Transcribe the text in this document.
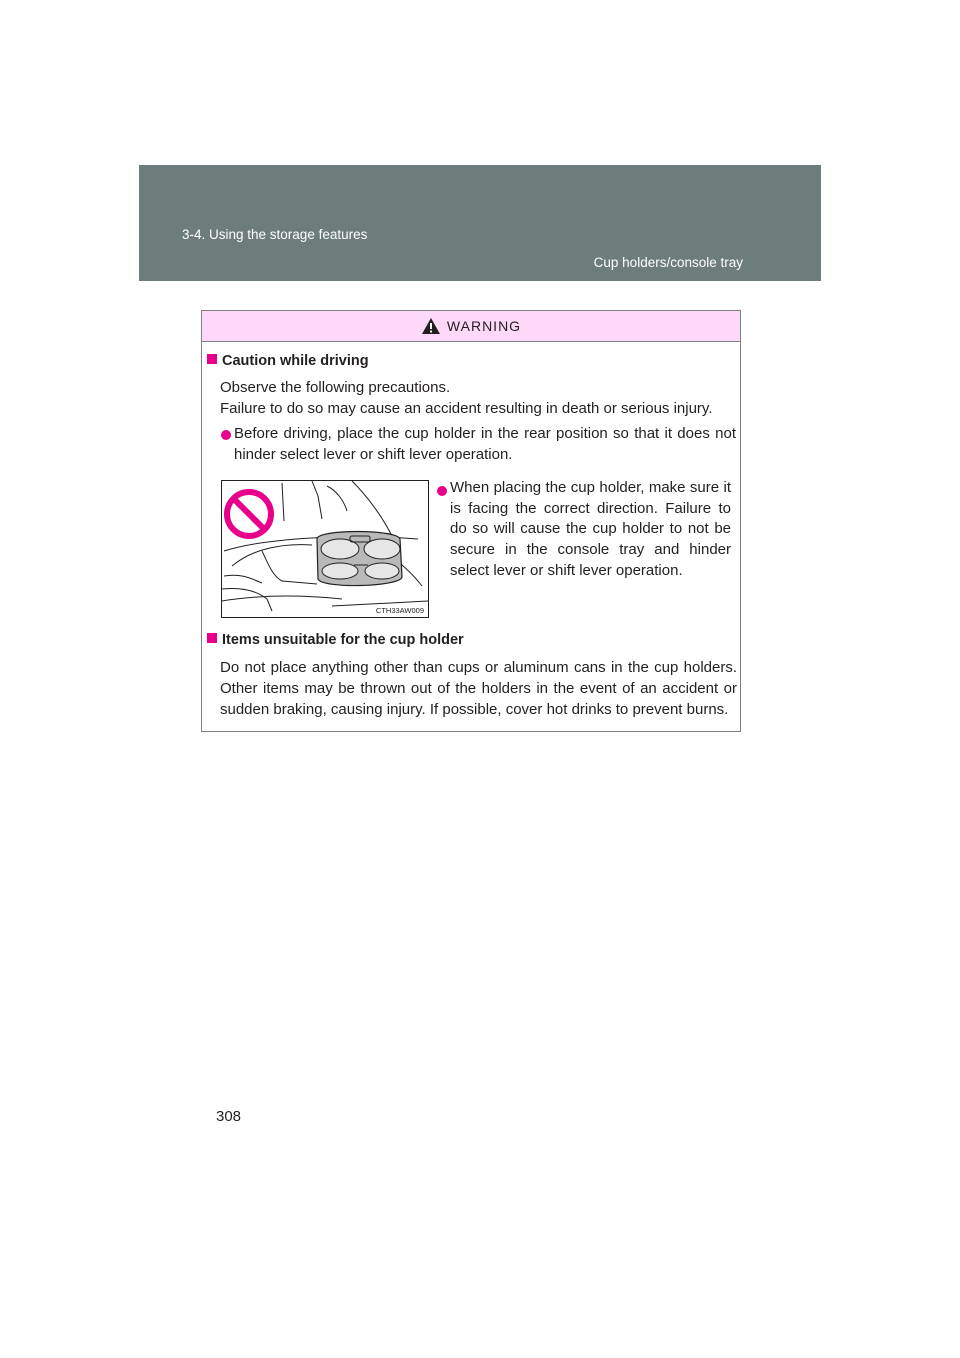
3-4. Using the storage features
Cup holders/console tray
WARNING
Caution while driving
Observe the following precautions.
Failure to do so may cause an accident resulting in death or serious injury.
Before driving, place the cup holder in the rear position so that it does not hinder select lever or shift lever operation.
CTH33AW009
When placing the cup holder, make sure it is facing the correct direction. Failure to do so will cause the cup holder to not be secure in the console tray and hinder select lever or shift lever operation.
Items unsuitable for the cup holder
Do not place anything other than cups or aluminum cans in the cup holders. Other items may be thrown out of the holders in the event of an accident or sudden braking, causing injury. If possible, cover hot drinks to prevent burns.
308
